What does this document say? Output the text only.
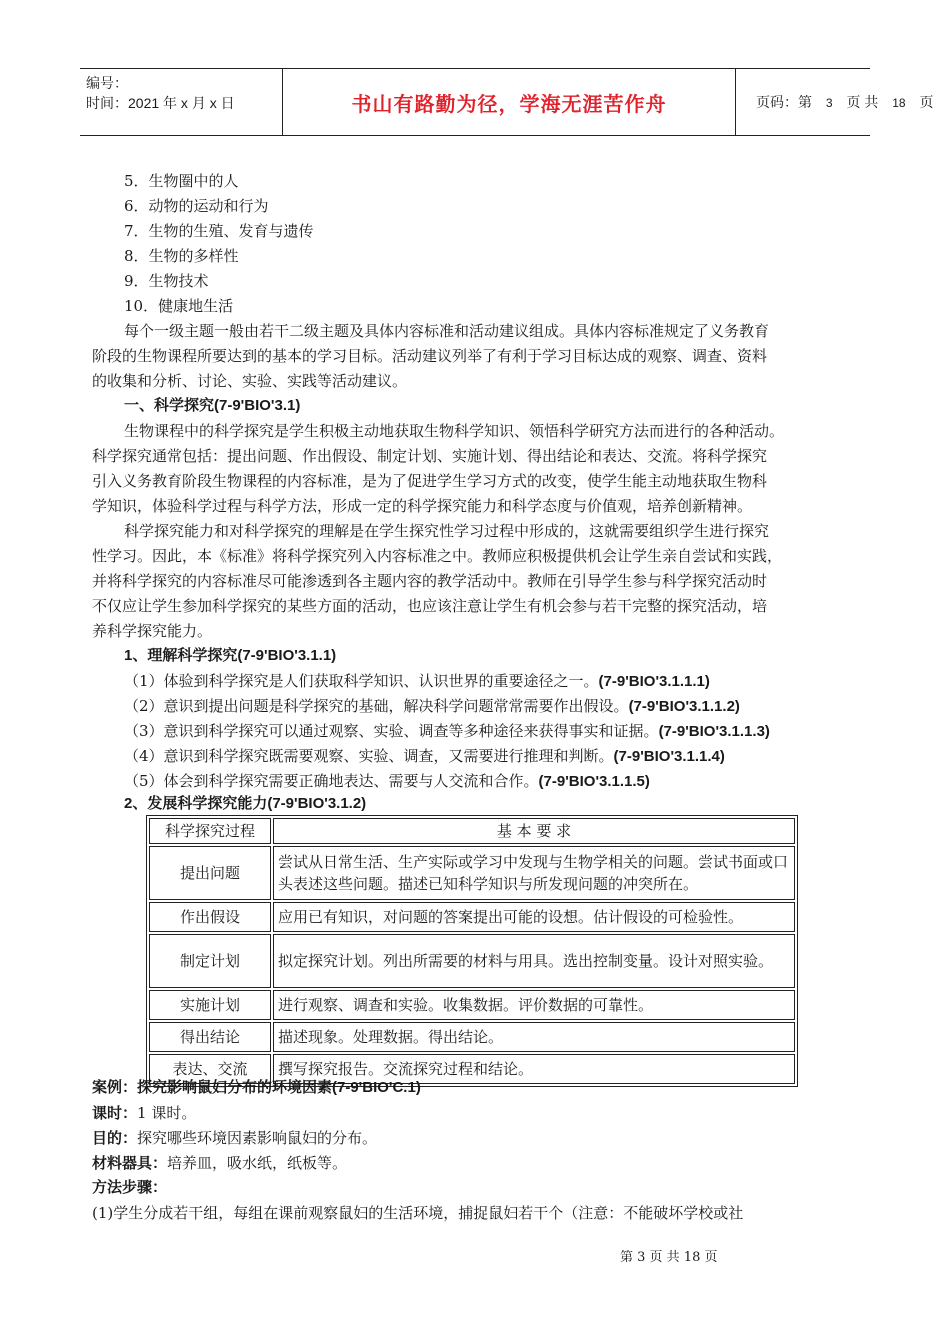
编号：
时间：2021 年 x 月 x 日	书山有路勤为径，学海无涯苦作舟	页码：第 3 页 共 18 页
5．生物圈中的人
6．动物的运动和行为
7．生物的生殖、发育与遗传
8．生物的多样性
9．生物技术
10．健康地生活
每个一级主题一般由若干二级主题及具体内容标准和活动建议组成。具体内容标准规定了义务教育
阶段的生物课程所要达到的基本的学习目标。活动建议列举了有利于学习目标达成的观察、调查、资料
的收集和分析、讨论、实验、实践等活动建议。
一、科学探究(7-9'BIO'3.1)
生物课程中的科学探究是学生积极主动地获取生物科学知识、领悟科学研究方法而进行的各种活动。
科学探究通常包括：提出问题、作出假设、制定计划、实施计划、得出结论和表达、交流。将科学探究
引入义务教育阶段生物课程的内容标准，是为了促进学生学习方式的改变，使学生能主动地获取生物科
学知识，体验科学过程与科学方法，形成一定的科学探究能力和科学态度与价值观，培养创新精神。
科学探究能力和对科学探究的理解是在学生探究性学习过程中形成的，这就需要组织学生进行探究
性学习。因此，本《标准》将科学探究列入内容标准之中。教师应积极提供机会让学生亲自尝试和实践，
并将科学探究的内容标准尽可能渗透到各主题内容的教学活动中。教师在引导学生参与科学探究活动时
不仅应让学生参加科学探究的某些方面的活动，也应该注意让学生有机会参与若干完整的探究活动，培
养科学探究能力。
1、理解科学探究(7-9'BIO'3.1.1)
（1）体验到科学探究是人们获取科学知识、认识世界的重要途径之一。(7-9'BIO'3.1.1.1)
（2）意识到提出问题是科学探究的基础，解决科学问题常常需要作出假设。(7-9'BIO'3.1.1.2)
（3）意识到科学探究可以通过观察、实验、调查等多种途径来获得事实和证据。(7-9'BIO'3.1.1.3)
（4）意识到科学探究既需要观察、实验、调查，又需要进行推理和判断。(7-9'BIO'3.1.1.4)
（5）体会到科学探究需要正确地表达、需要与人交流和合作。(7-9'BIO'3.1.1.5)
2、发展科学探究能力(7-9'BIO'3.1.2)
科学探究过程	基 本 要 求
提出问题	尝试从日常生活、生产实际或学习中发现与生物学相关的问题。尝试书面或口头表述这些问题。描述已知科学知识与所发现问题的冲突所在。
作出假设	应用已有知识，对问题的答案提出可能的设想。估计假设的可检验性。
制定计划	拟定探究计划。列出所需要的材料与用具。选出控制变量。设计对照实验。
实施计划	进行观察、调查和实验。收集数据。评价数据的可靠性。
得出结论	描述现象。处理数据。得出结论。
表达、交流	撰写探究报告。交流探究过程和结论。
案例：探究影响鼠妇分布的环境因素(7-9'BIO'C.1)
课时：1 课时。
目的：探究哪些环境因素影响鼠妇的分布。
材料器具：培养皿，吸水纸，纸板等。
方法步骤：
(1)学生分成若干组，每组在课前观察鼠妇的生活环境，捕捉鼠妇若干个（注意：不能破坏学校或社
第 3 页 共 18 页
